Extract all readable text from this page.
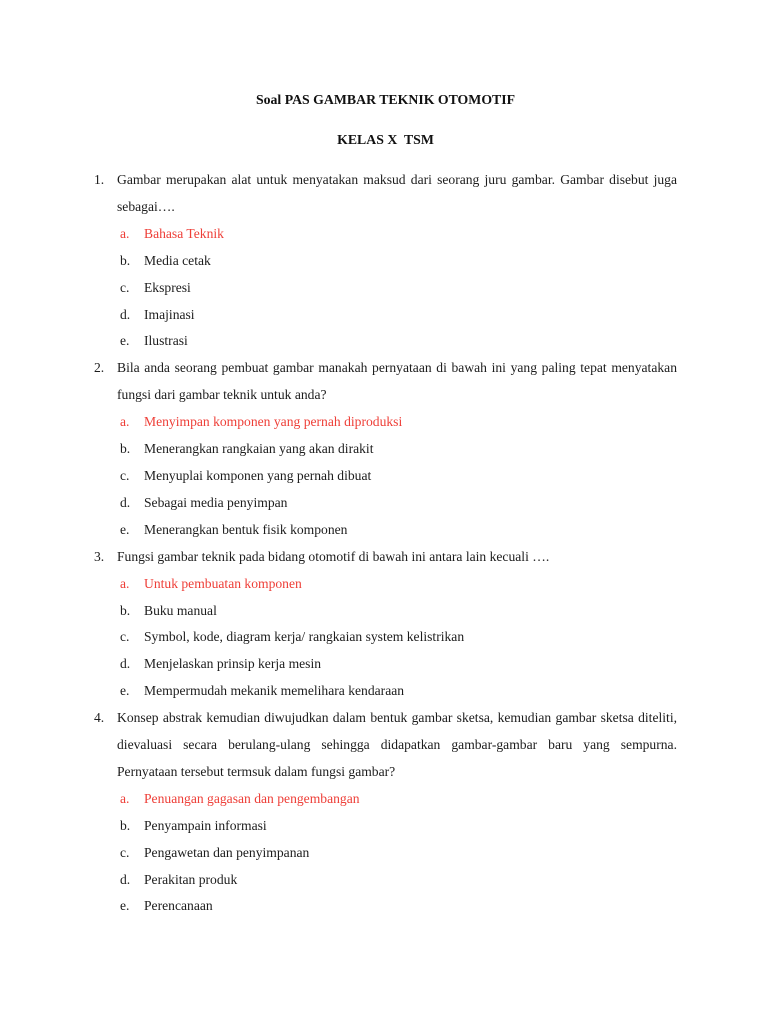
Soal PAS GAMBAR TEKNIK OTOMOTIF
KELAS X  TSM
1. Gambar merupakan alat untuk menyatakan maksud dari seorang juru gambar. Gambar disebut juga sebagai….
a.	Bahasa Teknik
b.	Media cetak
c.	Ekspresi
d.	Imajinasi
e.	Ilustrasi
2. Bila anda seorang pembuat gambar manakah pernyataan di bawah ini yang paling tepat menyatakan fungsi dari gambar teknik untuk anda?
a.	Menyimpan komponen yang pernah diproduksi
b.	Menerangkan rangkaian yang akan dirakit
c.	Menyuplai komponen yang pernah dibuat
d.	Sebagai media penyimpan
e.	Menerangkan bentuk fisik komponen
3. Fungsi gambar teknik pada bidang otomotif di bawah ini antara lain kecuali ….
a.	Untuk pembuatan komponen
b.	Buku manual
c.	Symbol, kode, diagram kerja/ rangkaian system kelistrikan
d.	Menjelaskan prinsip kerja mesin
e.	Mempermudah mekanik memelihara kendaraan
4. Konsep abstrak kemudian diwujudkan dalam bentuk gambar sketsa, kemudian gambar sketsa diteliti, dievaluasi secara berulang-ulang sehingga didapatkan gambar-gambar baru yang sempurna. Pernyataan tersebut termsuk dalam fungsi gambar?
a.	Penuangan gagasan dan pengembangan
b.	Penyampain informasi
c.	Pengawetan dan penyimpanan
d.	Perakitan produk
e.	Perencanaan
